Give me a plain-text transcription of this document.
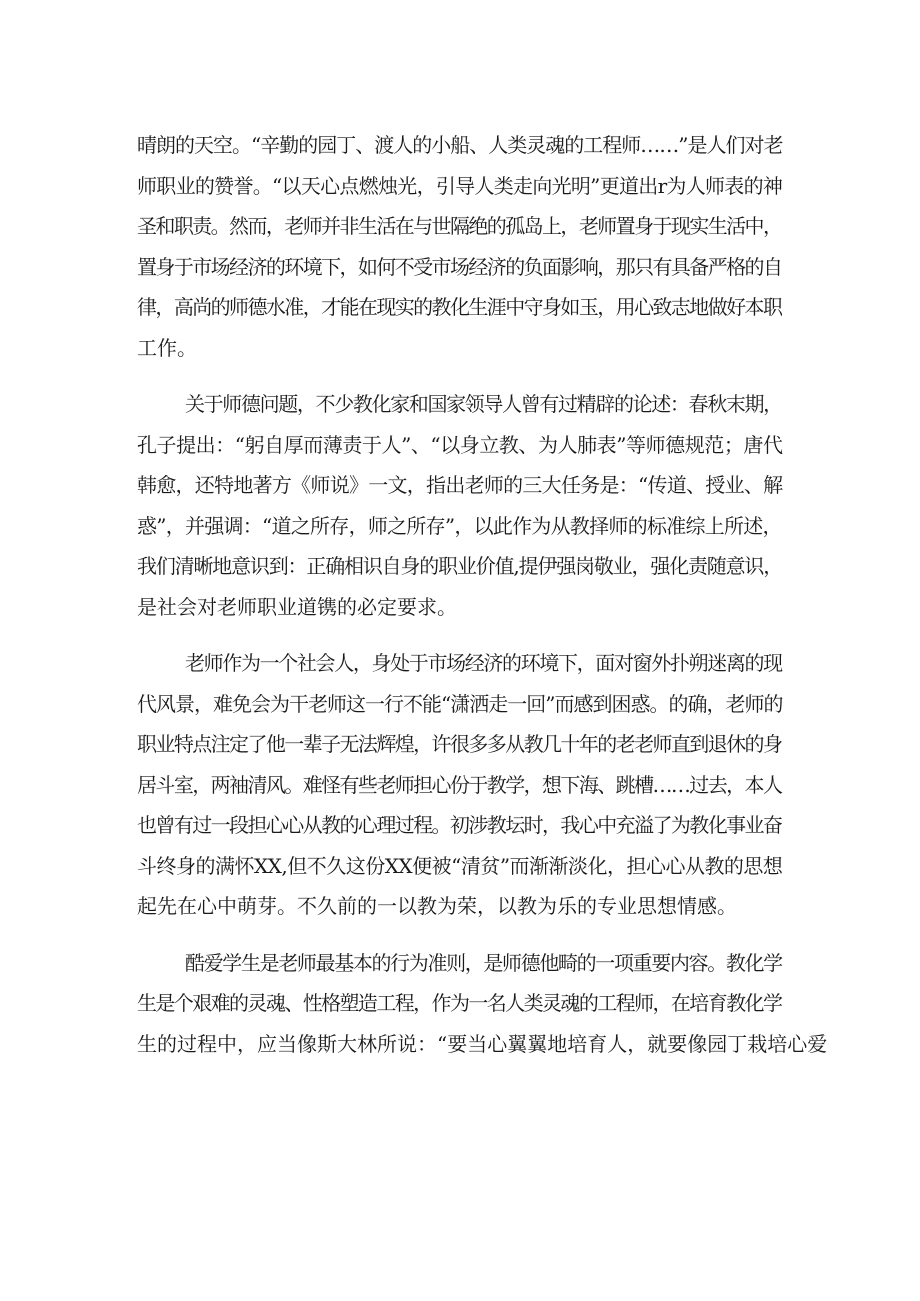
晴朗的天空。“辛勤的园丁、渡人的小船、人类灵魂的工程师……”是人们对老
师职业的赞誉。“以天心点燃烛光，引导人类走向光明”更道出r为人师表的神
圣和职责。然而，老师并非生活在与世隔绝的孤岛上，老师置身于现实生活中，
置身于市场经济的环境下，如何不受市场经济的负面影响，那只有具备严格的自
律，高尚的师德水准，才能在现实的教化生涯中守身如玉，用心致志地做好本职
工作。
关于师德问题，不少教化家和国家领导人曾有过精辟的论述：春秋末期，
孔子提出：“躬自厚而薄责于人”、“以身立教、为人肺表”等师德规范；唐代
韩愈，还特地著方《师说》一文，指出老师的三大任务是：“传道、授业、解
惑”，并强调：“道之所存，师之所存”，以此作为从教择师的标准综上所述，
我们清晰地意识到：正确相识自身的职业价值,提伊强岗敬业，强化责随意识，
是社会对老师职业道镌的必定要求。
老师作为一个社会人，身处于市场经济的环境下，面对窗外扑朔迷离的现
代风景，难免会为干老师这一行不能“潇洒走一回”而感到困惑。的确，老师的
职业特点注定了他一辈子无法辉煌，许很多多从教几十年的老老师直到退休的身
居斗室，两袖清风。难怪有些老师担心份于教学，想下海、跳槽……过去，本人
也曾有过一段担心心从教的心理过程。初涉教坛时，我心中充溢了为教化事业奋
斗终身的满怀XX,但不久这份XX便被“清贫”而渐渐淡化，担心心从教的思想
起先在心中萌芽。不久前的一以教为荣，以教为乐的专业思想情感。
酷爱学生是老师最基本的行为准则，是师德他畸的一项重要内容。教化学
生是个艰难的灵魂、性格塑造工程，作为一名人类灵魂的工程师，在培育教化学
生的过程中，应当像斯大林所说：“要当心翼翼地培育人，就要像园丁栽培心爱
